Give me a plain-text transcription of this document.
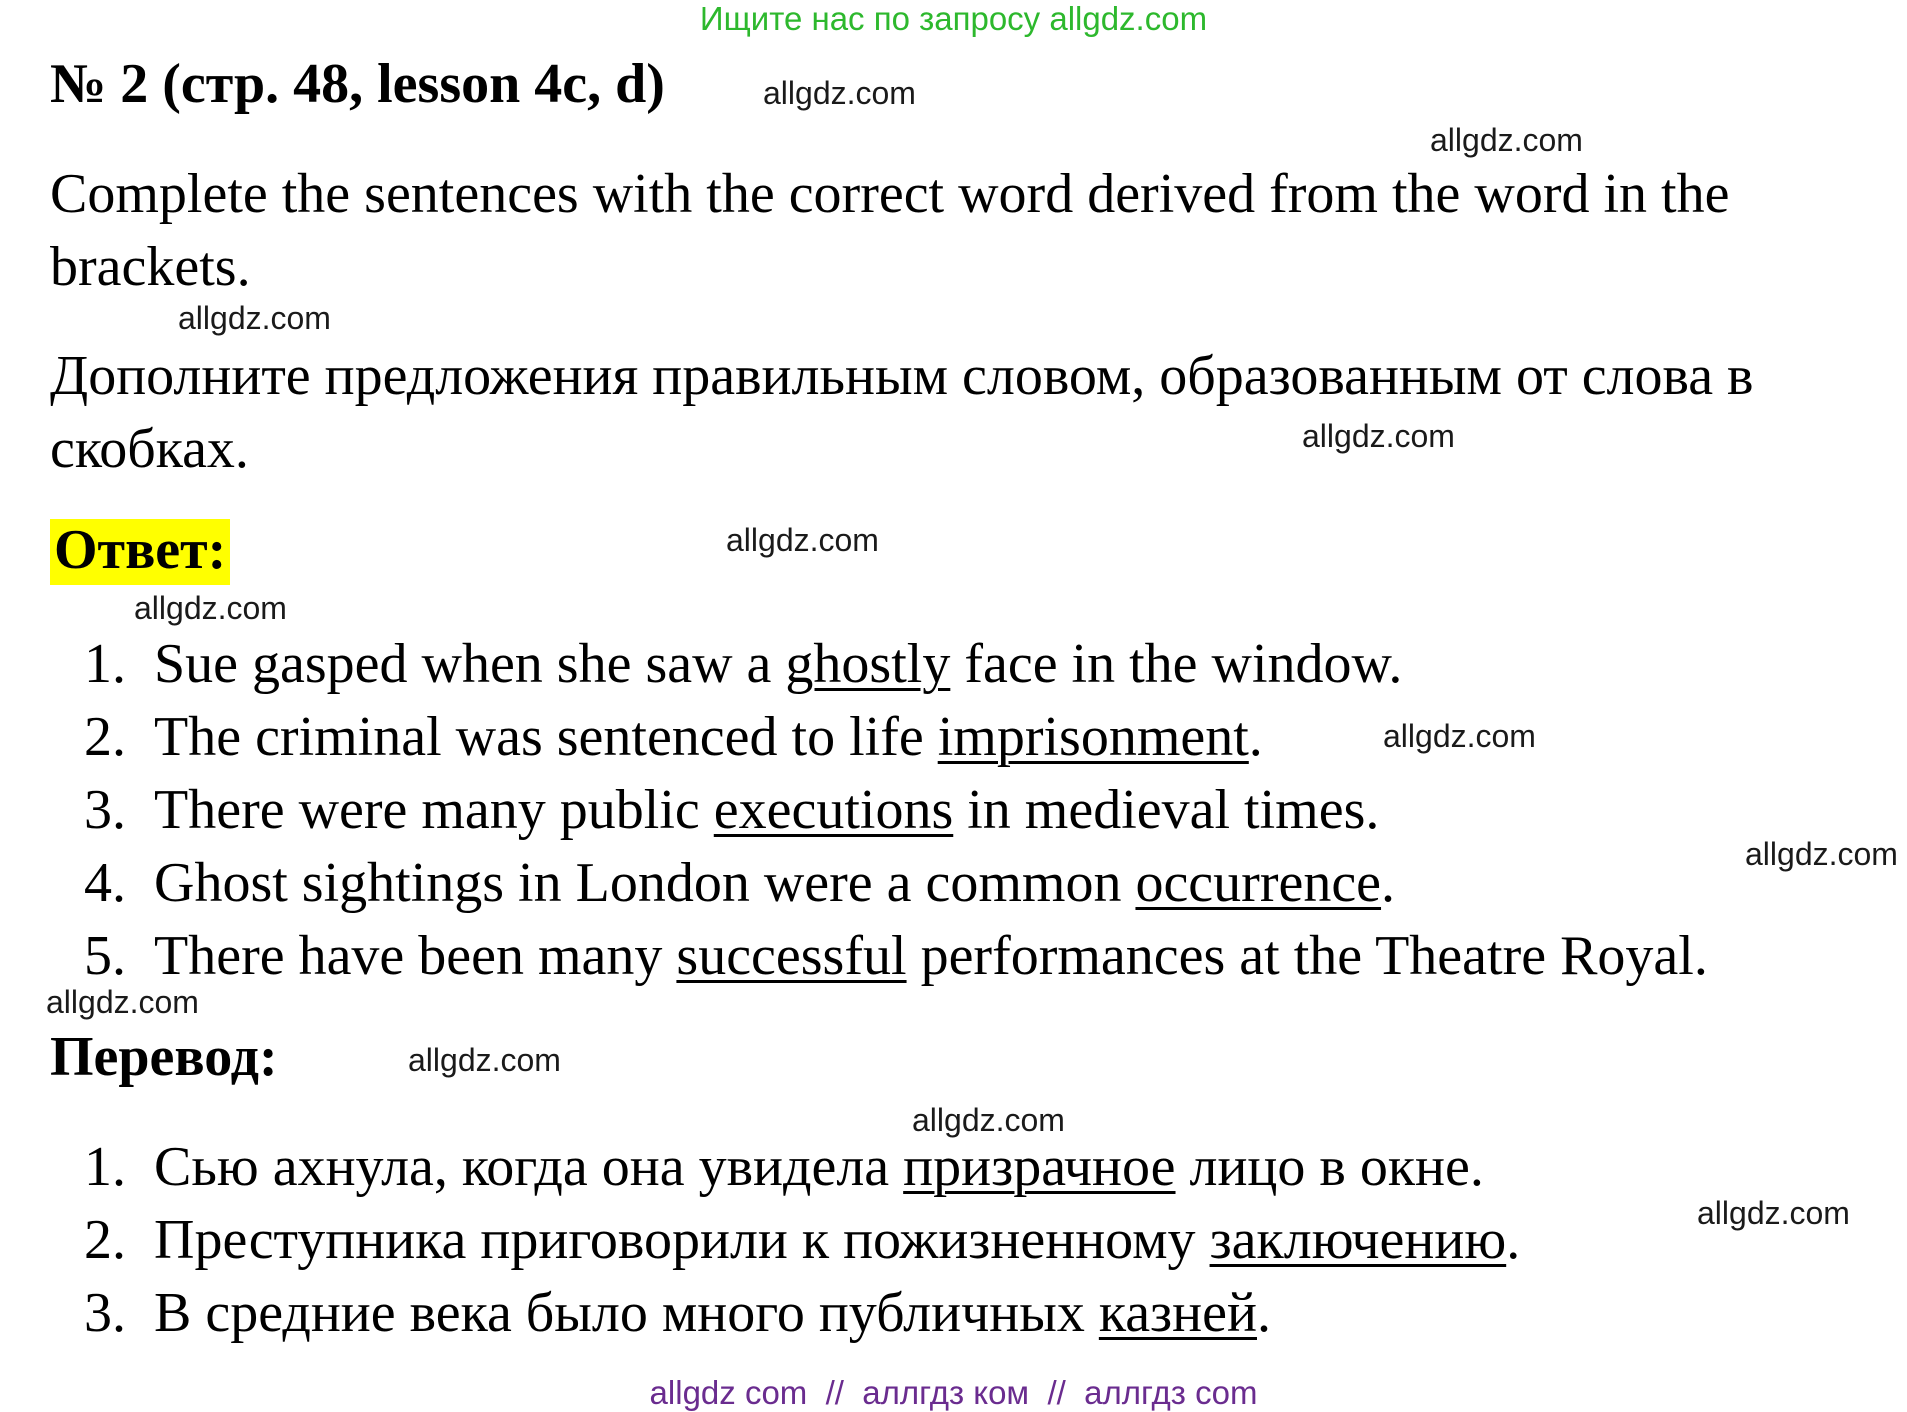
Ищите нас по запросу allgdz.com
№ 2 (стр. 48, lesson 4c, d)
Complete the sentences with the correct word derived from the word in the brackets.
Дополните предложения правильным словом, образованным от слова в скобках.
Ответ:
1. Sue gasped when she saw a ghostly face in the window.
2. The criminal was sentenced to life imprisonment.
3. There were many public executions in medieval times.
4. Ghost sightings in London were a common occurrence.
5. There have been many successful performances at the Theatre Royal.
Перевод:
1. Сью ахнула, когда она увидела призрачное лицо в окне.
2. Преступника приговорили к пожизненному заключению.
3. В средние века было много публичных казней.
allgdz.com
allgdz.com
allgdz.com
allgdz.com
allgdz.com
allgdz.com
allgdz.com
allgdz.com
allgdz.com
allgdz.com
allgdz.com
allgdz.com
allgdz com  //  аллгдз ком  //  аллгдз com
